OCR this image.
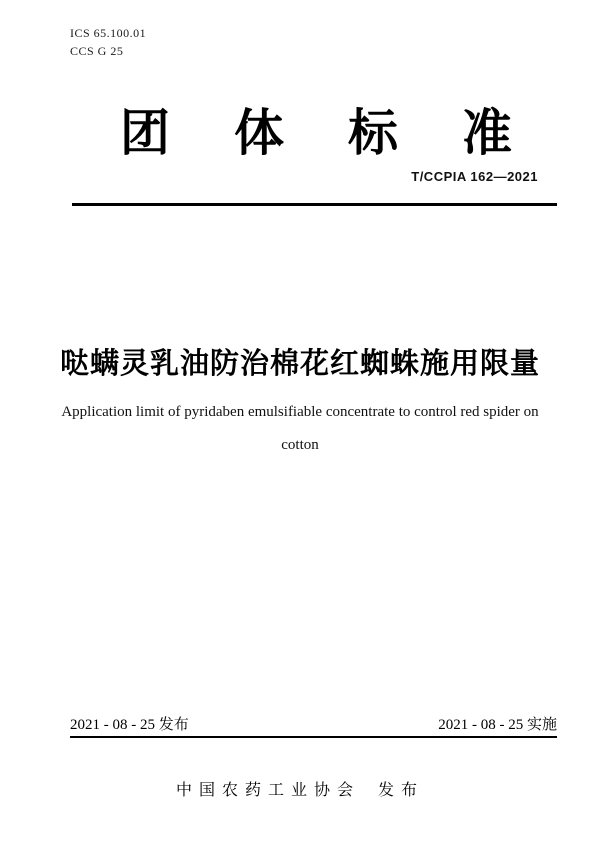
ICS 65.100.01
CCS G 25
团 体 标 准
T/CCPIA 162—2021
哒螨灵乳油防治棉花红蜘蛛施用限量
Application limit of pyridaben emulsifiable concentrate to control red spider on
cotton
2021 - 08 - 25 发布	2021 - 08 - 25 实施
中国农药工业协会 发布
